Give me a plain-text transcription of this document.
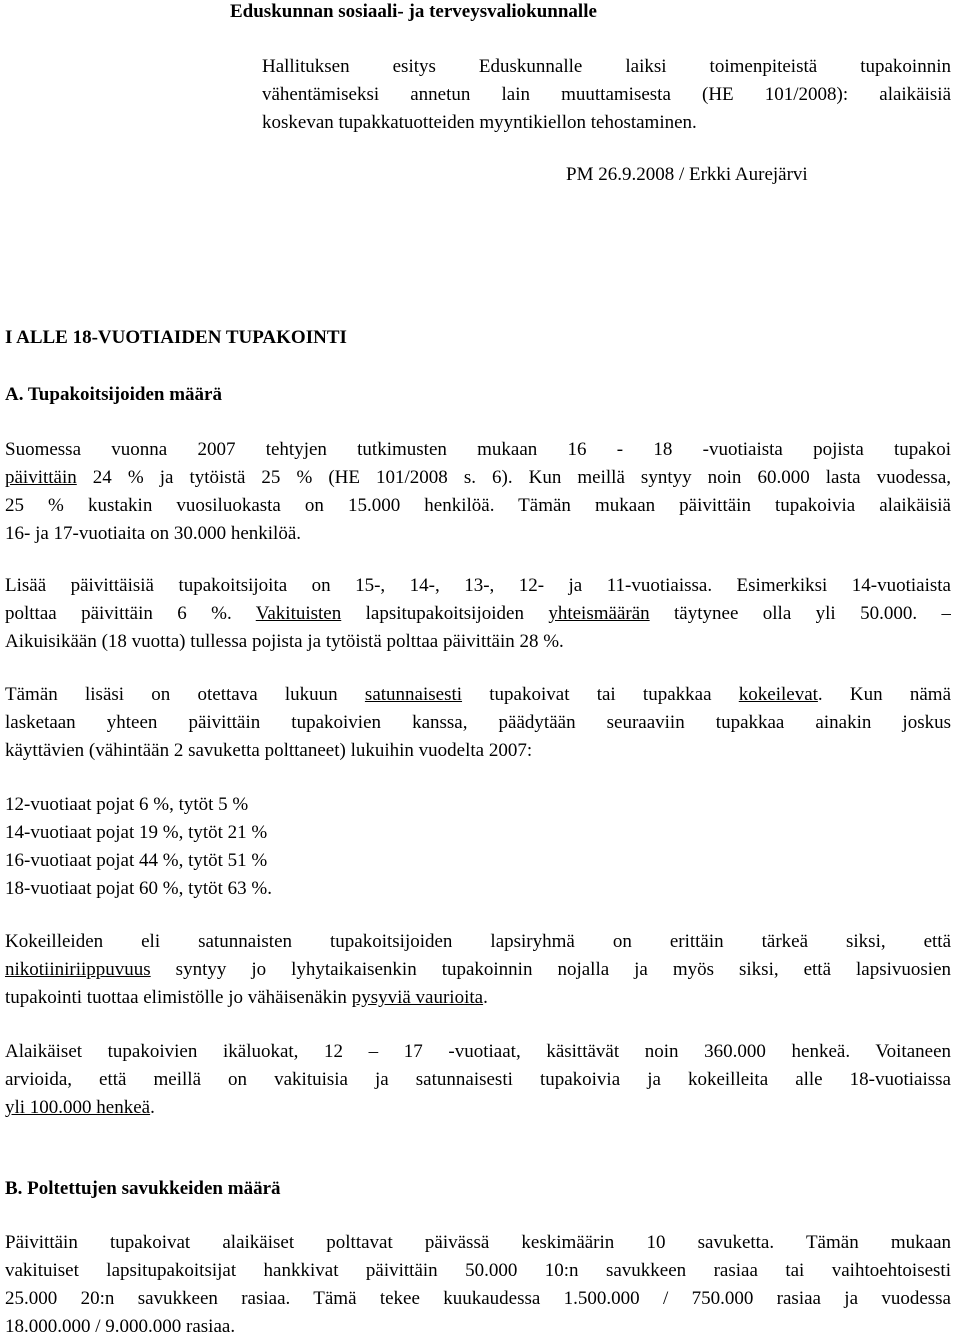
Eduskunnan sosiaali- ja terveysvaliokunnalle
Hallituksen esitys Eduskunnalle laiksi toimenpiteistä tupakoinnin
vähentämiseksi annetun lain muuttamisesta (HE 101/2008): alaikäisiä
koskevan tupakkatuotteiden myyntikiellon tehostaminen.
PM 26.9.2008 / Erkki Aurejärvi
I ALLE 18-VUOTIAIDEN TUPAKOINTI
A. Tupakoitsijoiden määrä
Suomessa vuonna 2007 tehtyjen tutkimusten mukaan 16 - 18 -vuotiaista pojista tupakoi
päivittäin 24 % ja tytöistä 25 % (HE 101/2008 s. 6). Kun meillä syntyy noin 60.000 lasta vuodessa,
25 % kustakin vuosiluokasta on 15.000 henkilöä. Tämän mukaan päivittäin tupakoivia alaikäisiä
16- ja 17-vuotiaita on 30.000 henkilöä.
Lisää päivittäisiä tupakoitsijoita on 15-, 14-, 13-, 12- ja 11-vuotiaissa. Esimerkiksi 14-vuotiaista
polttaa päivittäin 6 %. Vakituisten lapsitupakoitsijoiden yhteismäärän täytynee olla yli 50.000. –
Aikuisikään (18 vuotta) tullessa pojista ja tytöistä polttaa päivittäin 28 %.
Tämän lisäsi on otettava lukuun satunnaisesti tupakoivat tai tupakkaa kokeilevat. Kun nämä
lasketaan yhteen päivittäin tupakoivien kanssa, päädytään seuraaviin tupakkaa ainakin joskus
käyttävien (vähintään 2 savuketta polttaneet) lukuihin vuodelta 2007:
12-vuotiaat pojat 6 %, tytöt 5 %
14-vuotiaat pojat 19 %, tytöt 21 %
16-vuotiaat pojat 44 %, tytöt 51 %
18-vuotiaat pojat 60 %, tytöt 63 %.
Kokeilleiden eli satunnaisten tupakoitsijoiden lapsiryhmä on erittäin tärkeä siksi, että
nikotiiniriippuvuus syntyy jo lyhytaikaisenkin tupakoinnin nojalla ja myös siksi, että lapsivuosien
tupakointi tuottaa elimistölle jo vähäisenäkin pysyviä vaurioita.
Alaikäiset tupakoivien ikäluokat, 12 – 17 -vuotiaat, käsittävät noin 360.000 henkeä. Voitaneen
arvioida, että meillä on vakituisia ja satunnaisesti tupakoivia ja kokeilleita alle 18-vuotiaissa
yli 100.000 henkeä.
B. Poltettujen savukkeiden määrä
Päivittäin tupakoivat alaikäiset polttavat päivässä keskimäärin 10 savuketta. Tämän mukaan
vakituiset lapsitupakoitsijat hankkivat päivittäin 50.000 10:n savukkeen rasiaa tai vaihtoehtoisesti
25.000 20:n savukkeen rasiaa. Tämä tekee kuukaudessa 1.500.000 / 750.000 rasiaa ja vuodessa
18.000.000 / 9.000.000 rasiaa.
